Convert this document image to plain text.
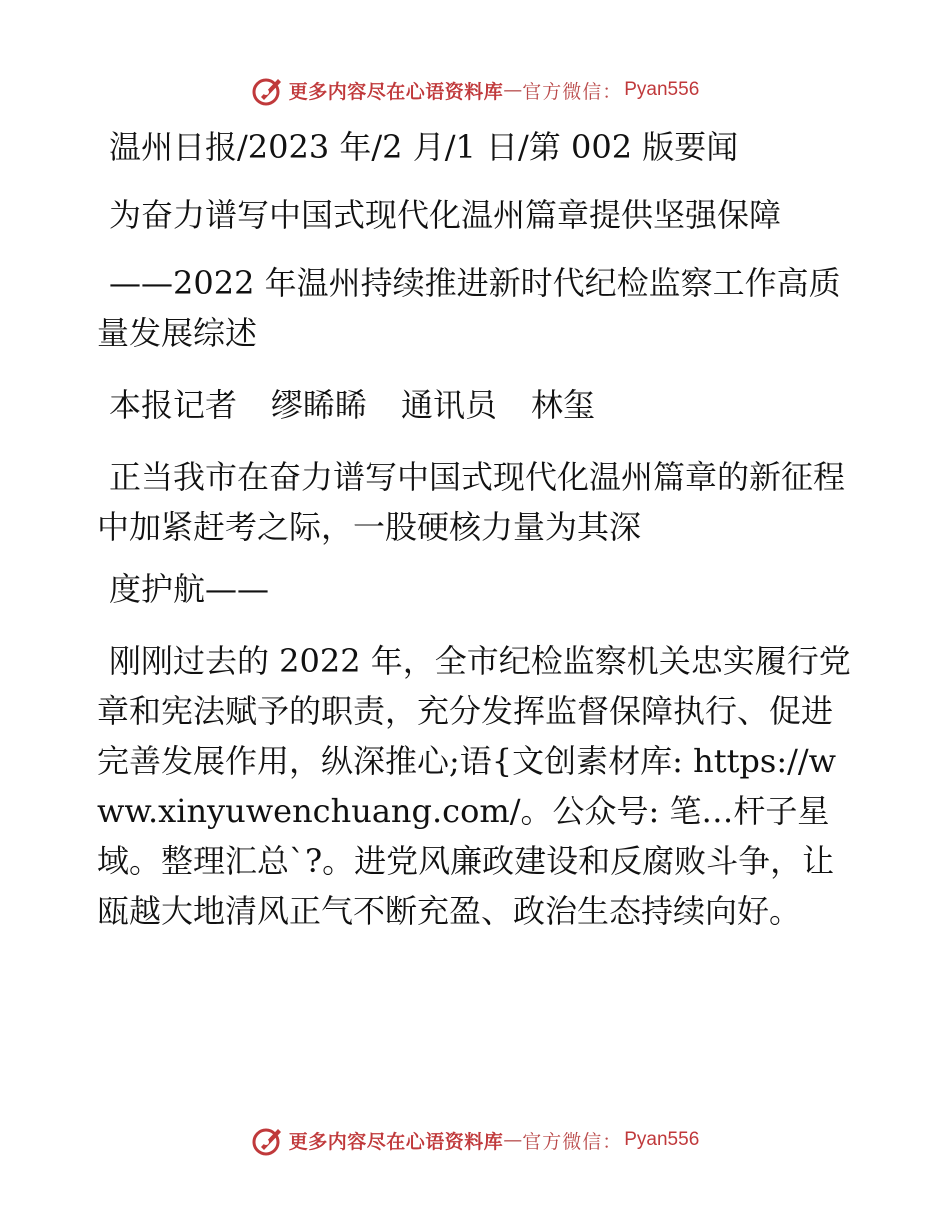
更多内容尽在心语资料库 — 官方微信： Pyan556

温州日报/2023 年/2 月/1 日/第 002 版要闻

为奋力谱写中国式现代化温州篇章提供坚强保障

——2022 年温州持续推进新时代纪检监察工作高质量发展综述

本报记者 缪睎睎 通讯员 林玺

正当我市在奋力谱写中国式现代化温州篇章的新征程中加紧赶考之际，一股硬核力量为其深

度护航——

刚刚过去的 2022 年，全市纪检监察机关忠实履行党章和宪法赋予的职责，充分发挥监督保障执行、促进完善发展作用，纵深推心;语{文创素材库: https://www.xinyuwenchuang.com/。公众号: 笔…杆子星域。整理汇总`?。进党风廉政建设和反腐败斗争，让瓯越大地清风正气不断充盈、政治生态持续向好。

更多内容尽在心语资料库 — 官方微信： Pyan556
